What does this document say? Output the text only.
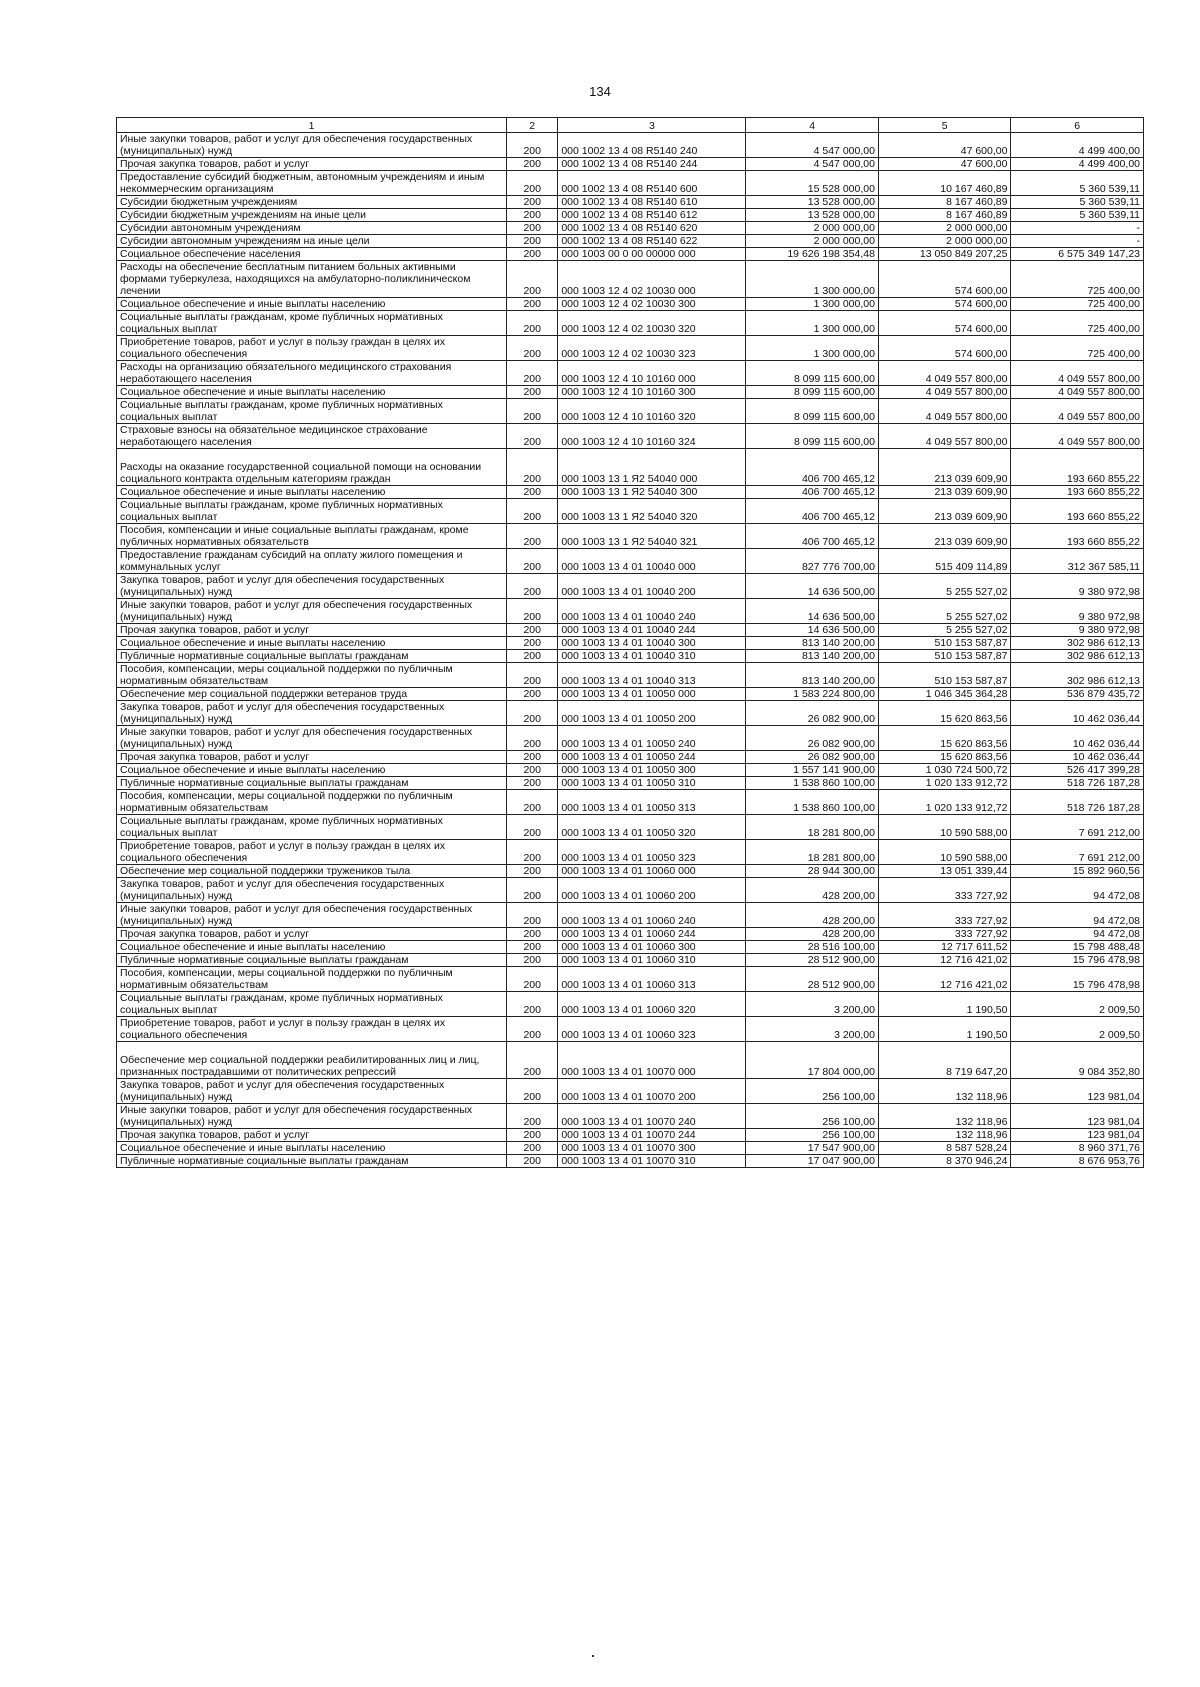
134
1	2	3	4	5	6

Иные закупки товаров, работ и услуг для обеспечения государственных (муниципальных) нужд	200	000 1002 13 4 08 R5140 240	4 547 000,00	47 600,00	4 499 400,00

Прочая закупка товаров, работ и услуг	200	000 1002 13 4 08 R5140 244	4 547 000,00	47 600,00	4 499 400,00

Предоставление субсидий бюджетным, автономным учреждениям и иным некоммерческим организациям	200	000 1002 13 4 08 R5140 600	15 528 000,00	10 167 460,89	5 360 539,11

Субсидии бюджетным учреждениям	200	000 1002 13 4 08 R5140 610	13 528 000,00	8 167 460,89	5 360 539,11

Субсидии бюджетным учреждениям на иные цели	200	000 1002 13 4 08 R5140 612	13 528 000,00	8 167 460,89	5 360 539,11

Субсидии автономным учреждениям	200	000 1002 13 4 08 R5140 620	2 000 000,00	2 000 000,00	-

Субсидии автономным учреждениям на иные цели	200	000 1002 13 4 08 R5140 622	2 000 000,00	2 000 000,00	-

Социальное обеспечение населения	200	000 1003 00 0 00 00000 000	19 626 198 354,48	13 050 849 207,25	6 575 349 147,23

Расходы на обеспечение бесплатным питанием больных активными формами туберкулеза, находящихся на амбулаторно-поликлиническом лечении	200	000 1003 12 4 02 10030 000	1 300 000,00	574 600,00	725 400,00

Социальное обеспечение и иные выплаты населению	200	000 1003 12 4 02 10030 300	1 300 000,00	574 600,00	725 400,00

Социальные выплаты гражданам, кроме публичных нормативных социальных выплат	200	000 1003 12 4 02 10030 320	1 300 000,00	574 600,00	725 400,00

Приобретение товаров, работ и услуг в пользу граждан в целях их социального обеспечения	200	000 1003 12 4 02 10030 323	1 300 000,00	574 600,00	725 400,00

Расходы на организацию обязательного медицинского страхования неработающего населения	200	000 1003 12 4 10 10160 000	8 099 115 600,00	4 049 557 800,00	4 049 557 800,00

Социальное обеспечение и иные выплаты населению	200	000 1003 12 4 10 10160 300	8 099 115 600,00	4 049 557 800,00	4 049 557 800,00

Социальные выплаты гражданам, кроме публичных нормативных социальных выплат	200	000 1003 12 4 10 10160 320	8 099 115 600,00	4 049 557 800,00	4 049 557 800,00

Страховые взносы на обязательное медицинское страхование неработающего населения	200	000 1003 12 4 10 10160 324	8 099 115 600,00	4 049 557 800,00	4 049 557 800,00

Расходы на оказание государственной социальной помощи на основании социального контракта отдельным категориям граждан	200	000 1003 13 1 Я2 54040 000	406 700 465,12	213 039 609,90	193 660 855,22

Социальное обеспечение и иные выплаты населению	200	000 1003 13 1 Я2 54040 300	406 700 465,12	213 039 609,90	193 660 855,22

Социальные выплаты гражданам, кроме публичных нормативных социальных выплат	200	000 1003 13 1 Я2 54040 320	406 700 465,12	213 039 609,90	193 660 855,22

Пособия, компенсации и иные социальные выплаты гражданам, кроме публичных нормативных обязательств	200	000 1003 13 1 Я2 54040 321	406 700 465,12	213 039 609,90	193 660 855,22

Предоставление гражданам субсидий на оплату жилого помещения и коммунальных услуг	200	000 1003 13 4 01 10040 000	827 776 700,00	515 409 114,89	312 367 585,11

Закупка товаров, работ и услуг для обеспечения государственных (муниципальных) нужд	200	000 1003 13 4 01 10040 200	14 636 500,00	5 255 527,02	9 380 972,98

Иные закупки товаров, работ и услуг для обеспечения государственных (муниципальных) нужд	200	000 1003 13 4 01 10040 240	14 636 500,00	5 255 527,02	9 380 972,98

Прочая закупка товаров, работ и услуг	200	000 1003 13 4 01 10040 244	14 636 500,00	5 255 527,02	9 380 972,98

Социальное обеспечение и иные выплаты населению	200	000 1003 13 4 01 10040 300	813 140 200,00	510 153 587,87	302 986 612,13

Публичные нормативные социальные выплаты гражданам	200	000 1003 13 4 01 10040 310	813 140 200,00	510 153 587,87	302 986 612,13

Пособия, компенсации, меры социальной поддержки по публичным нормативным обязательствам	200	000 1003 13 4 01 10040 313	813 140 200,00	510 153 587,87	302 986 612,13

Обеспечение мер социальной поддержки ветеранов труда	200	000 1003 13 4 01 10050 000	1 583 224 800,00	1 046 345 364,28	536 879 435,72

Закупка товаров, работ и услуг для обеспечения государственных (муниципальных) нужд	200	000 1003 13 4 01 10050 200	26 082 900,00	15 620 863,56	10 462 036,44

Иные закупки товаров, работ и услуг для обеспечения государственных (муниципальных) нужд	200	000 1003 13 4 01 10050 240	26 082 900,00	15 620 863,56	10 462 036,44

Прочая закупка товаров, работ и услуг	200	000 1003 13 4 01 10050 244	26 082 900,00	15 620 863,56	10 462 036,44

Социальное обеспечение и иные выплаты населению	200	000 1003 13 4 01 10050 300	1 557 141 900,00	1 030 724 500,72	526 417 399,28

Публичные нормативные социальные выплаты гражданам	200	000 1003 13 4 01 10050 310	1 538 860 100,00	1 020 133 912,72	518 726 187,28

Пособия, компенсации, меры социальной поддержки по публичным нормативным обязательствам	200	000 1003 13 4 01 10050 313	1 538 860 100,00	1 020 133 912,72	518 726 187,28

Социальные выплаты гражданам, кроме публичных нормативных социальных выплат	200	000 1003 13 4 01 10050 320	18 281 800,00	10 590 588,00	7 691 212,00

Приобретение товаров, работ и услуг в пользу граждан в целях их социального обеспечения	200	000 1003 13 4 01 10050 323	18 281 800,00	10 590 588,00	7 691 212,00

Обеспечение мер социальной поддержки тружеников тыла	200	000 1003 13 4 01 10060 000	28 944 300,00	13 051 339,44	15 892 960,56

Закупка товаров, работ и услуг для обеспечения государственных (муниципальных) нужд	200	000 1003 13 4 01 10060 200	428 200,00	333 727,92	94 472,08

Иные закупки товаров, работ и услуг для обеспечения государственных (муниципальных) нужд	200	000 1003 13 4 01 10060 240	428 200,00	333 727,92	94 472,08

Прочая закупка товаров, работ и услуг	200	000 1003 13 4 01 10060 244	428 200,00	333 727,92	94 472,08

Социальное обеспечение и иные выплаты населению	200	000 1003 13 4 01 10060 300	28 516 100,00	12 717 611,52	15 798 488,48

Публичные нормативные социальные выплаты гражданам	200	000 1003 13 4 01 10060 310	28 512 900,00	12 716 421,02	15 796 478,98

Пособия, компенсации, меры социальной поддержки по публичным нормативным обязательствам	200	000 1003 13 4 01 10060 313	28 512 900,00	12 716 421,02	15 796 478,98

Социальные выплаты гражданам, кроме публичных нормативных социальных выплат	200	000 1003 13 4 01 10060 320	3 200,00	1 190,50	2 009,50

Приобретение товаров, работ и услуг в пользу граждан в целях их социального обеспечения	200	000 1003 13 4 01 10060 323	3 200,00	1 190,50	2 009,50

Обеспечение мер социальной поддержки реабилитированных лиц и лиц, признанных пострадавшими от политических репрессий	200	000 1003 13 4 01 10070 000	17 804 000,00	8 719 647,20	9 084 352,80

Закупка товаров, работ и услуг для обеспечения государственных (муниципальных) нужд	200	000 1003 13 4 01 10070 200	256 100,00	132 118,96	123 981,04

Иные закупки товаров, работ и услуг для обеспечения государственных (муниципальных) нужд	200	000 1003 13 4 01 10070 240	256 100,00	132 118,96	123 981,04

Прочая закупка товаров, работ и услуг	200	000 1003 13 4 01 10070 244	256 100,00	132 118,96	123 981,04

Социальное обеспечение и иные выплаты населению	200	000 1003 13 4 01 10070 300	17 547 900,00	8 587 528,24	8 960 371,76

Публичные нормативные социальные выплаты гражданам	200	000 1003 13 4 01 10070 310	17 047 900,00	8 370 946,24	8 676 953,76
